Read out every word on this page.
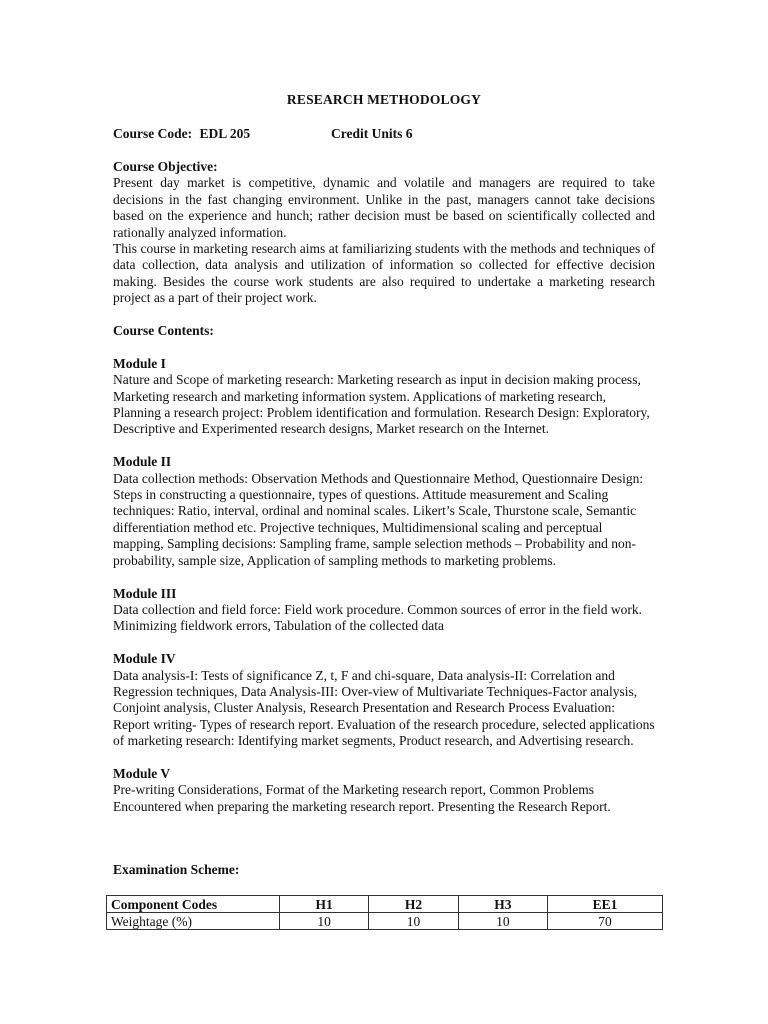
RESEARCH METHODOLOGY
Course Code: EDL 205	Credit Units 6
Course Objective:

Present day market is competitive, dynamic and volatile and managers are required to take decisions in the fast changing environment. Unlike in the past, managers cannot take decisions based on the experience and hunch; rather decision must be based on scientifically collected and rationally analyzed information.

This course in marketing research aims at familiarizing students with the methods and techniques of data collection, data analysis and utilization of information so collected for effective decision making. Besides the course work students are also required to undertake a marketing research project as a part of their project work.

Course Contents:
Module I

Nature and Scope of marketing research: Marketing research as input in decision making process, Marketing research and marketing information system. Applications of marketing research, Planning a research project: Problem identification and formulation. Research Design: Exploratory, Descriptive and Experimented research designs, Market research on the Internet.

Module II

Data collection methods: Observation Methods and Questionnaire Method, Questionnaire Design: Steps in constructing a questionnaire, types of questions. Attitude measurement and Scaling techniques: Ratio, interval, ordinal and nominal scales. Likert’s Scale, Thurstone scale, Semantic differentiation method etc. Projective techniques, Multidimensional scaling and perceptual mapping, Sampling decisions: Sampling frame, sample selection methods – Probability and non-probability, sample size, Application of sampling methods to marketing problems.

Module III

Data collection and field force: Field work procedure. Common sources of error in the field work. Minimizing fieldwork errors, Tabulation of the collected data

Module IV

Data analysis-I: Tests of significance Z, t, F and chi-square, Data analysis-II: Correlation and Regression techniques, Data Analysis-III: Over-view of Multivariate Techniques-Factor analysis, Conjoint analysis, Cluster Analysis, Research Presentation and Research Process Evaluation: Report writing- Types of research report. Evaluation of the research procedure, selected applications of marketing research: Identifying market segments, Product research, and Advertising research.

Module V

Pre-writing Considerations, Format of the Marketing research report, Common Problems Encountered when preparing the marketing research report. Presenting the Research Report.

Examination Scheme:
Component Codes	H1	H2	H3	EE1
Weightage (%)	10	10	10	70
